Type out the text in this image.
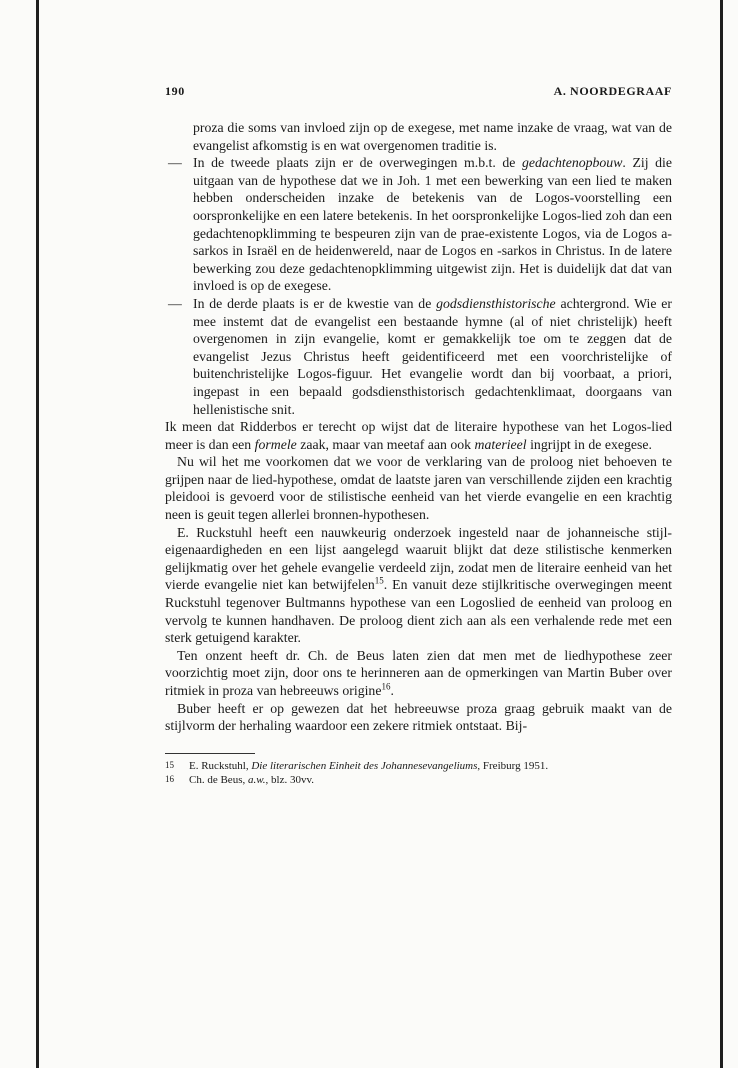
190	A. NOORDEGRAAF

proza die soms van invloed zijn op de exegese, met name inzake de vraag, wat van de evangelist afkomstig is en wat overgenomen traditie is.

— In de tweede plaats zijn er de overwegingen m.b.t. de gedachtenopbouw. Zij die uitgaan van de hypothese dat we in Joh. 1 met een bewerking van een lied te maken hebben onderscheiden inzake de betekenis van de Logos-voorstelling een oorspronkelijke en een latere betekenis. In het oorspronkelijke Logos-lied zoh dan een gedachtenopklimming te bespeuren zijn van de prae-existente Logos, via de Logos a-sarkos in Israël en de heidenwereld, naar de Logos en -sarkos in Christus. In de latere bewerking zou deze gedachtenopklimming uitgewist zijn. Het is duidelijk dat dat van invloed is op de exegese.

— In de derde plaats is er de kwestie van de godsdiensthistorische achtergrond. Wie er mee instemt dat de evangelist een bestaande hymne (al of niet christelijk) heeft overgenomen in zijn evangelie, komt er gemakkelijk toe om te zeggen dat de evangelist Jezus Christus heeft geidentificeerd met een voorchristelijke of buitenchristelijke Logos-figuur. Het evangelie wordt dan bij voorbaat, a priori, ingepast in een bepaald godsdiensthistorisch gedachtenklimaat, doorgaans van hellenistische snit.

Ik meen dat Ridderbos er terecht op wijst dat de literaire hypothese van het Logos-lied meer is dan een formele zaak, maar van meetaf aan ook materieel ingrijpt in de exegese.

Nu wil het me voorkomen dat we voor de verklaring van de proloog niet behoeven te grijpen naar de lied-hypothese, omdat de laatste jaren van verschillende zijden een krachtig pleidooi is gevoerd voor de stilistische eenheid van het vierde evangelie en een krachtig neen is geuit tegen allerlei bronnen-hypothesen.

E. Ruckstuhl heeft een nauwkeurig onderzoek ingesteld naar de johanneische stijl-eigenaardigheden en een lijst aangelegd waaruit blijkt dat deze stilistische kenmerken gelijkmatig over het gehele evangelie verdeeld zijn, zodat men de literaire eenheid van het vierde evangelie niet kan betwijfelen$^{15}$. En vanuit deze stijlkritische overwegingen meent Ruckstuhl tegenover Bultmanns hypothese van een Logoslied de eenheid van proloog en vervolg te kunnen handhaven. De proloog dient zich aan als een verhalende rede met een sterk getuigend karakter.

Ten onzent heeft dr. Ch. de Beus laten zien dat men met de liedhypothese zeer voorzichtig moet zijn, door ons te herinneren aan de opmerkingen van Martin Buber over ritmiek in proza van hebreeuws origine$^{16}$.

Buber heeft er op gewezen dat het hebreeuwse proza graag gebruik maakt van de stijlvorm der herhaling waardoor een zekere ritmiek ontstaat. Bij-

15 E. Ruckstuhl, Die literarischen Einheit des Johannesevangeliums, Freiburg 1951.
16 Ch. de Beus, a.w., blz. 30vv.
